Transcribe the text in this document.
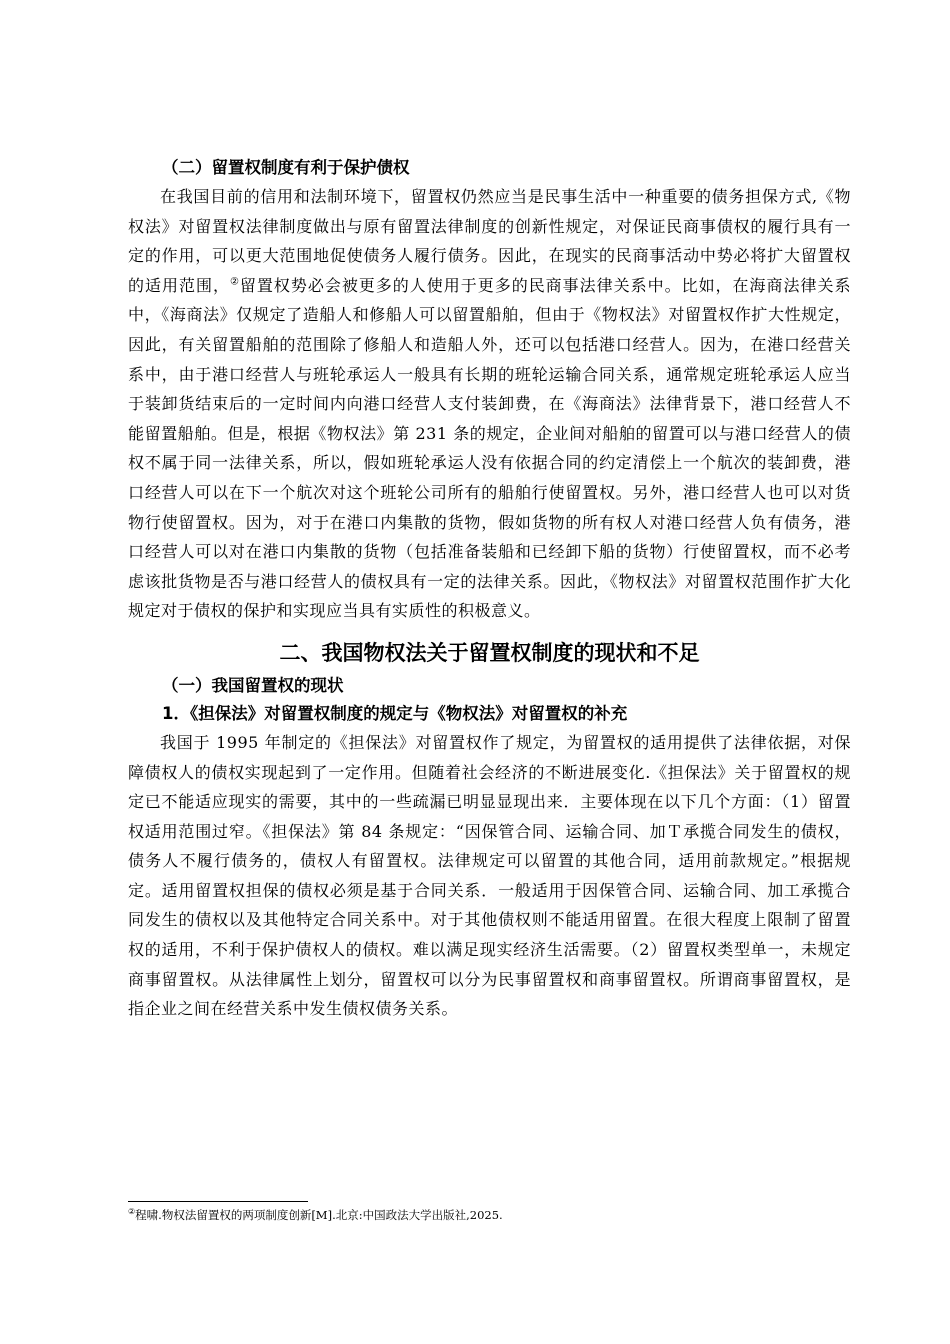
（二）留置权制度有利于保护债权

在我国目前的信用和法制环境下，留置权仍然应当是民事生活中一种重要的债务担保方式,《物权法》对留置权法律制度做出与原有留置法律制度的创新性规定，对保证民商事债权的履行具有一定的作用，可以更大范围地促使债务人履行债务。因此，在现实的民商事活动中势必将扩大留置权的适用范围，②留置权势必会被更多的人使用于更多的民商事法律关系中。比如，在海商法律关系中，《海商法》仅规定了造船人和修船人可以留置船舶，但由于《物权法》对留置权作扩大性规定，因此，有关留置船舶的范围除了修船人和造船人外，还可以包括港口经营人。因为，在港口经营关系中，由于港口经营人与班轮承运人一般具有长期的班轮运输合同关系，通常规定班轮承运人应当于装卸货结束后的一定时间内向港口经营人支付装卸费，在《海商法》法律背景下，港口经营人不能留置船舶。但是，根据《物权法》第 231 条的规定，企业间对船舶的留置可以与港口经营人的债权不属于同一法律关系，所以，假如班轮承运人没有依据合同的约定清偿上一个航次的装卸费，港口经营人可以在下一个航次对这个班轮公司所有的船舶行使留置权。另外，港口经营人也可以对货物行使留置权。因为，对于在港口内集散的货物，假如货物的所有权人对港口经营人负有债务，港口经营人可以对在港口内集散的货物（包括准备装船和已经卸下船的货物）行使留置权，而不必考虑该批货物是否与港口经营人的债权具有一定的法律关系。因此，《物权法》对留置权范围作扩大化规定对于债权的保护和实现应当具有实质性的积极意义。

二、我国物权法关于留置权制度的现状和不足

（一）我国留置权的现状

1．《担保法》对留置权制度的规定与《物权法》对留置权的补充

我国于 1995 年制定的《担保法》对留置权作了规定，为留置权的适用提供了法律依据，对保障债权人的债权实现起到了一定作用。但随着社会经济的不断进展变化.《担保法》关于留置权的规定已不能适应现实的需要，其中的一些疏漏已明显显现出来．主要体现在以下几个方面：（1）留置权适用范围过窄。《担保法》第 84 条规定：“因保管合同、运输合同、加Ｔ承揽合同发生的债权，债务人不履行债务的，债权人有留置权。法律规定可以留置的其他合同，适用前款规定。”根据规定。适用留置权担保的债权必须是基于合同关系．一般适用于因保管合同、运输合同、加工承揽合同发生的债权以及其他特定合同关系中。对于其他债权则不能适用留置。在很大程度上限制了留置权的适用，不利于保护债权人的债权。难以满足现实经济生活需要。（2）留置权类型单一，未规定商事留置权。从法律属性上划分，留置权可以分为民事留置权和商事留置权。所谓商事留置权，是指企业之间在经营关系中发生债权债务关系。

②程啸.物权法留置权的两项制度创新[M].北京:中国政法大学出版社,2025.
